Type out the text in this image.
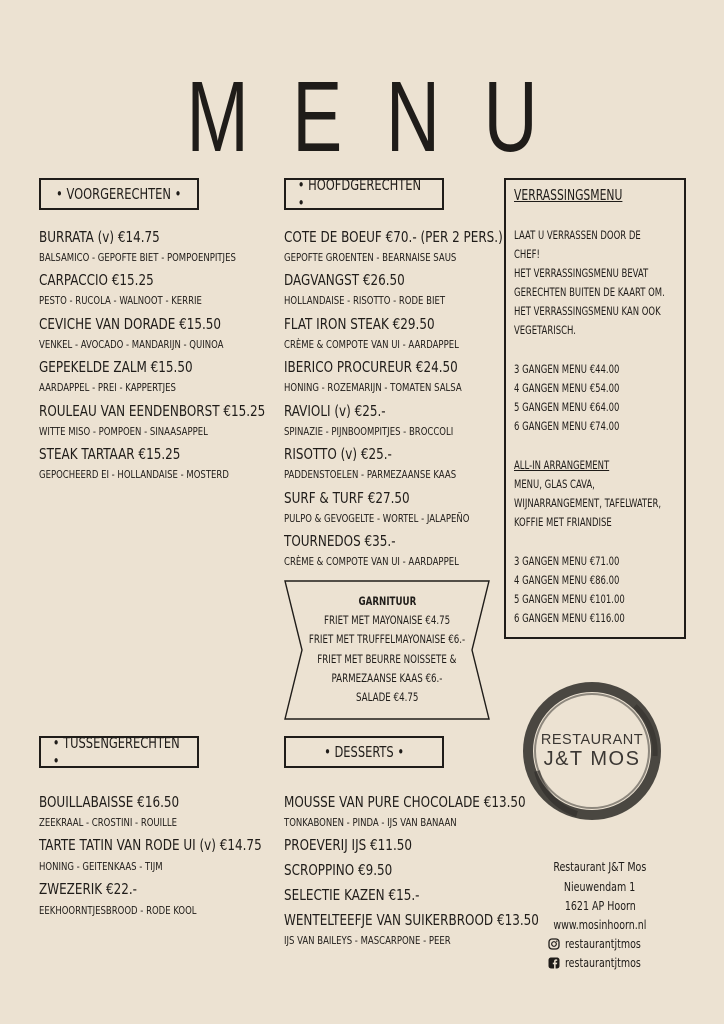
MENU
• VOORGERECHTEN •
BURRATA (v) €14.75
BALSAMICO - GEPOFTE BIET - POMPOENPITJES
CARPACCIO €15.25
PESTO - RUCOLA - WALNOOT - KERRIE
CEVICHE VAN DORADE €15.50
VENKEL - AVOCADO - MANDARIJN - QUINOA
GEPEKELDE ZALM €15.50
AARDAPPEL - PREI - KAPPERTJES
ROULEAU VAN EENDENBORST €15.25
WITTE MISO - POMPOEN - SINAASAPPEL
STEAK TARTAAR €15.25
GEPOCHEERD EI - HOLLANDAISE - MOSTERD
• HOOFDGERECHTEN •
COTE DE BOEUF €70.- (PER 2 PERS.)
GEPOFTE GROENTEN - BEARNAISE SAUS
DAGVANGST €26.50
HOLLANDAISE - RISOTTO - RODE BIET
FLAT IRON STEAK €29.50
CRÈME & COMPOTE VAN UI - AARDAPPEL
IBERICO PROCUREUR €24.50
HONING - ROZEMARIJN - TOMATEN SALSA
RAVIOLI (v) €25.-
SPINAZIE - PIJNBOOMPITJES - BROCCOLI
RISOTTO (v) €25.-
PADDENSTOELEN - PARMEZAANSE KAAS
SURF & TURF €27.50
PULPO & GEVOGELTE - WORTEL - JALAPEÑO
TOURNEDOS €35.-
CRÈME & COMPOTE VAN UI - AARDAPPEL
GARNITUUR
FRIET MET MAYONAISE €4.75
FRIET MET TRUFFELMAYONAISE €6.-
FRIET MET BEURRE NOISSETE &
PARMEZAANSE KAAS €6.-
SALADE €4.75
VERRASSINGSMENU
LAAT U VERRASSEN DOOR DE
CHEF!
HET VERRASSINGSMENU BEVAT
GERECHTEN BUITEN DE KAART OM.
HET VERRASSINGSMENU KAN OOK
VEGETARISCH.
3 GANGEN MENU €44.00
4 GANGEN MENU €54.00
5 GANGEN MENU €64.00
6 GANGEN MENU €74.00
ALL-IN ARRANGEMENT
MENU, GLAS CAVA,
WIJNARRANGEMENT, TAFELWATER,
KOFFIE MET FRIANDISE
3 GANGEN MENU €71.00
4 GANGEN MENU €86.00
5 GANGEN MENU €101.00
6 GANGEN MENU €116.00
RESTAURANT
J&T MOS
• TUSSENGERECHTEN •
BOUILLABAISSE €16.50
ZEEKRAAL - CROSTINI - ROUILLE
TARTE TATIN VAN RODE UI (v) €14.75
HONING - GEITENKAAS - TIJM
ZWEZERIK €22.-
EEKHOORNTJESBROOD - RODE KOOL
• DESSERTS •
MOUSSE VAN PURE CHOCOLADE €13.50
TONKABONEN - PINDA - IJS VAN BANAAN
PROEVERIJ IJS €11.50
SCROPPINO €9.50
SELECTIE KAZEN €15.-
WENTELTEEFJE VAN SUIKERBROOD €13.50
IJS VAN BAILEYS - MASCARPONE - PEER
Restaurant J&T Mos
Nieuwendam 1
1621 AP Hoorn
www.mosinhoorn.nl
restaurantjtmos
restaurantjtmos
